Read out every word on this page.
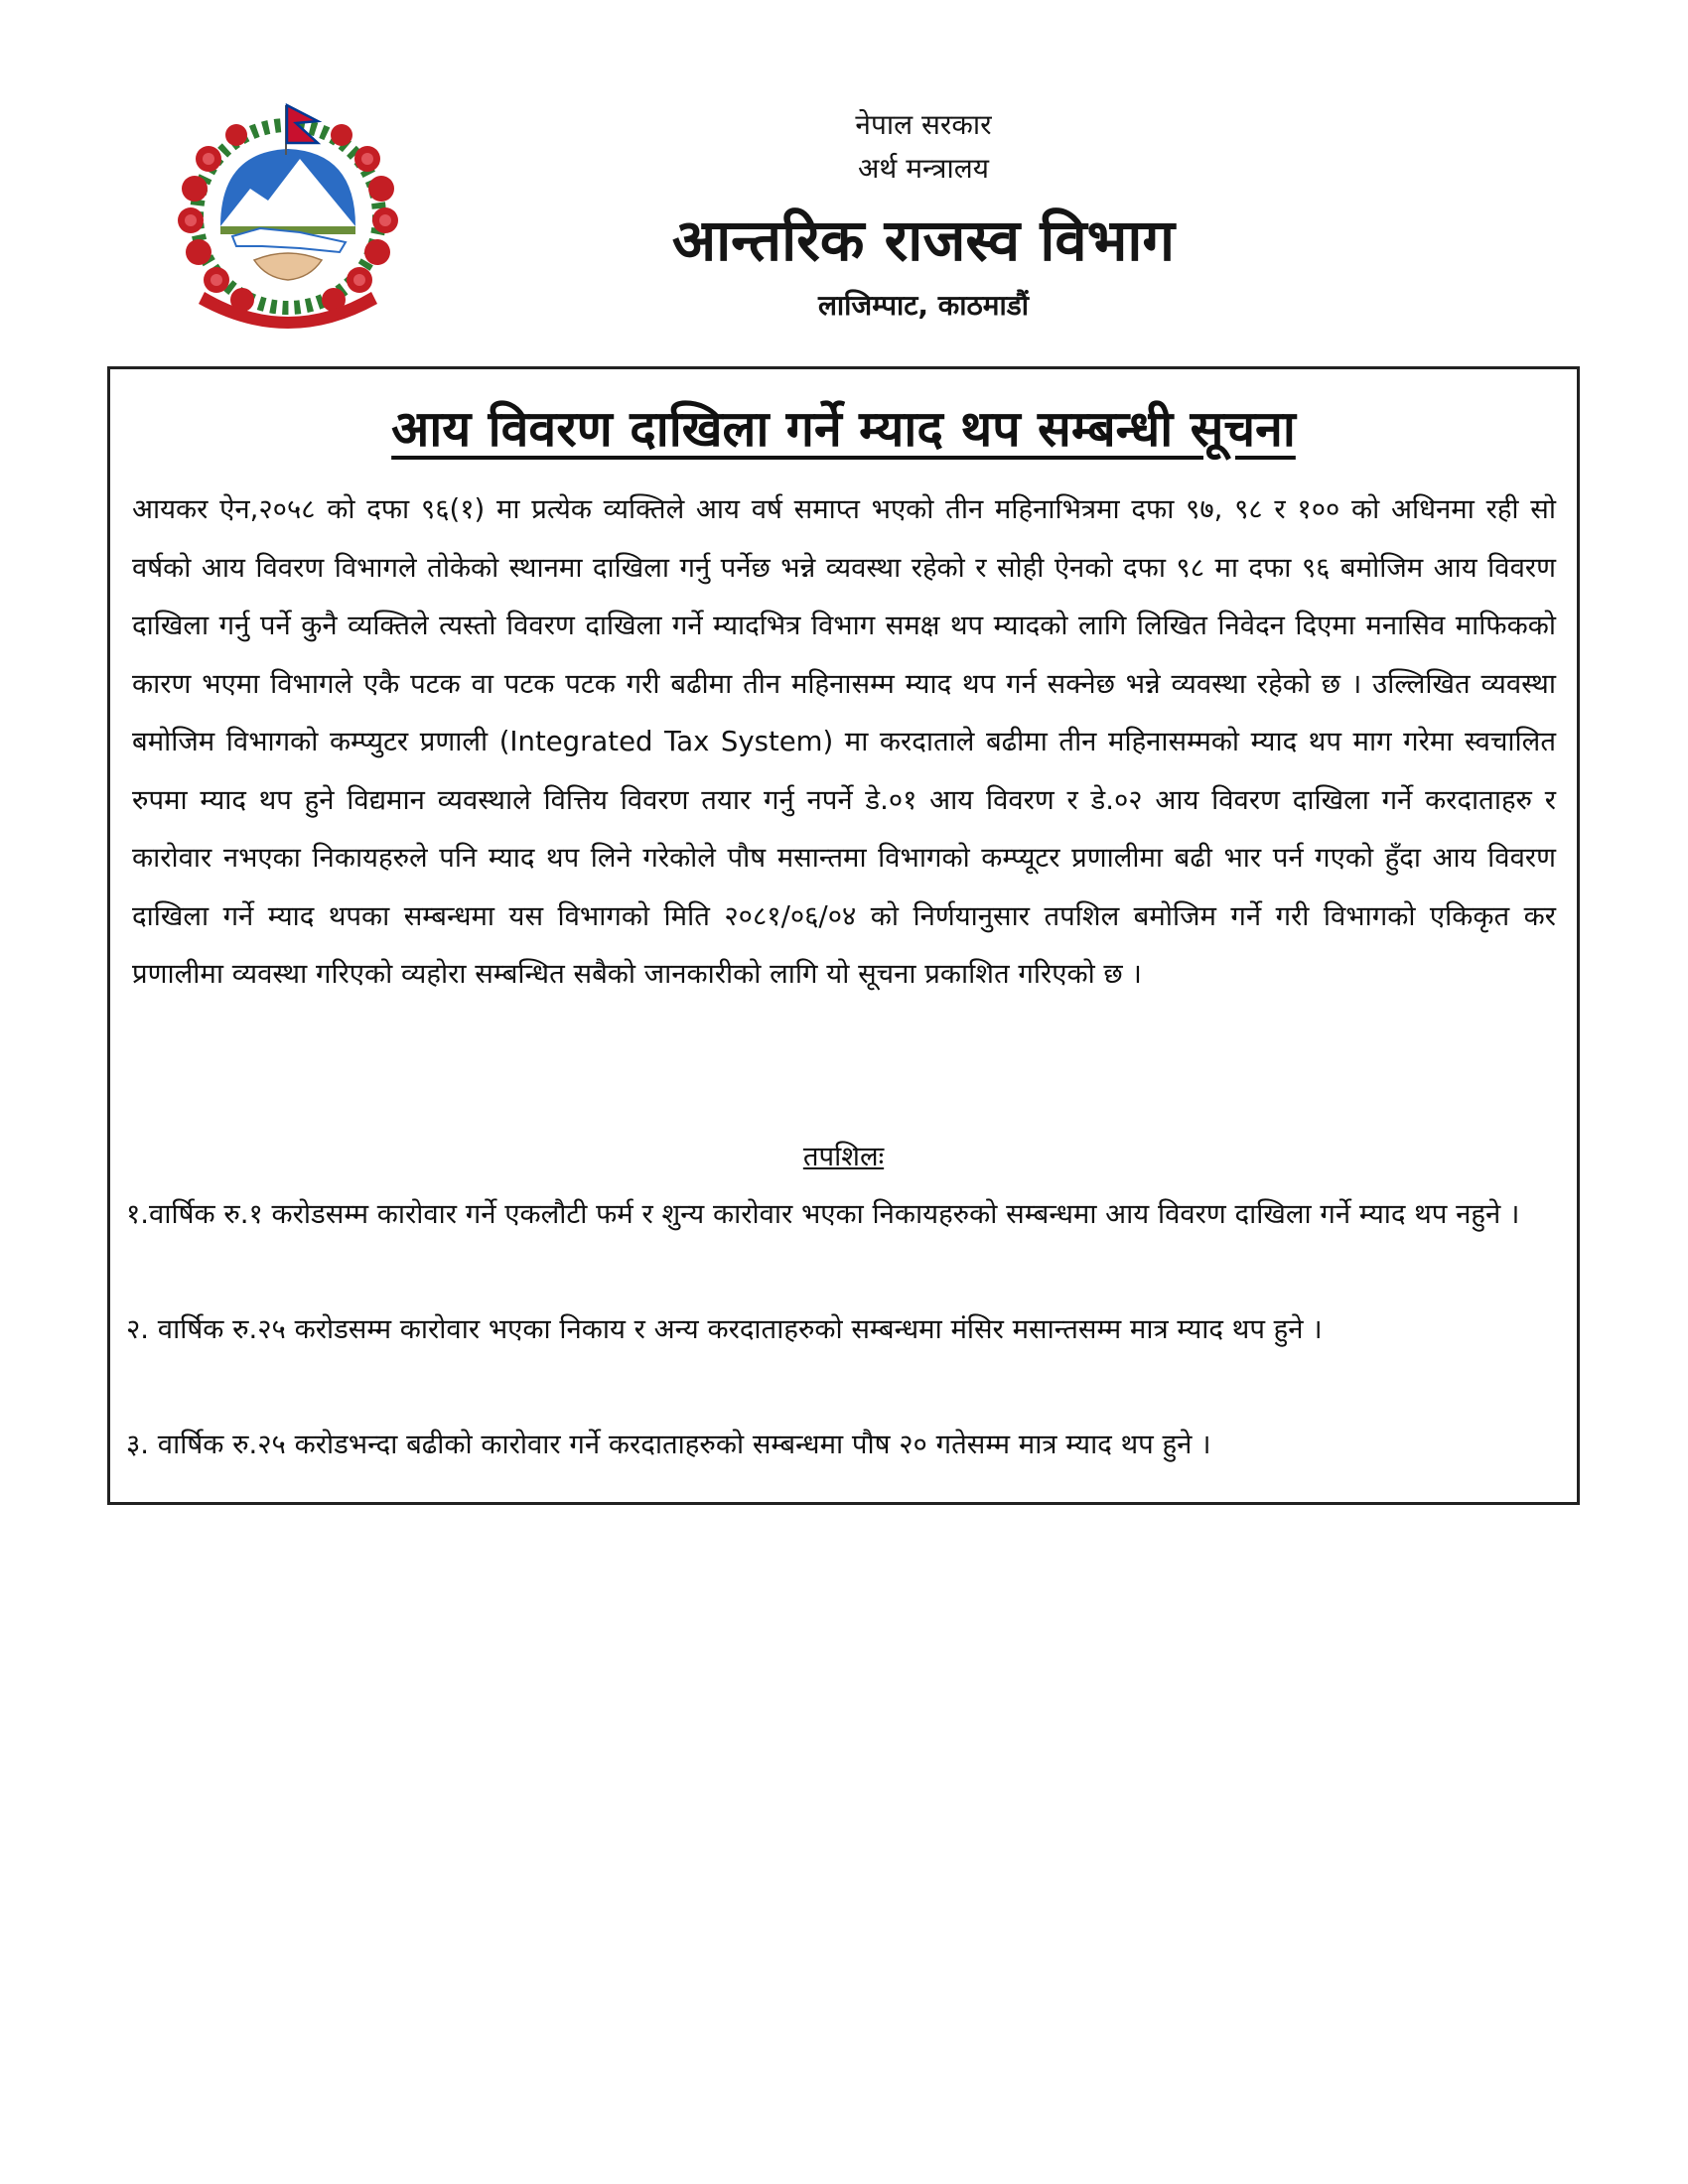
नेपाल सरकार
अर्थ मन्त्रालय
आन्तरिक राजस्व विभाग
लाजिम्पाट, काठमाडौं
आय विवरण दाखिला गर्ने म्याद थप सम्बन्धी सूचना

आयकर ऐन,२०५८ को दफा ९६(१) मा प्रत्येक व्यक्तिले आय वर्ष समाप्त भएको तीन महिनाभित्रमा दफा ९७, ९८ र १०० को अधिनमा रही सो वर्षको आय विवरण विभागले तोकेको स्थानमा दाखिला गर्नु पर्नेछ भन्ने व्यवस्था रहेको र सोही ऐनको दफा ९८ मा दफा ९६ बमोजिम आय विवरण दाखिला गर्नु पर्ने कुनै व्यक्तिले त्यस्तो विवरण दाखिला गर्ने म्यादभित्र विभाग समक्ष थप म्यादको लागि लिखित निवेदन दिएमा मनासिव माफिकको कारण भएमा विभागले एकै पटक वा पटक पटक गरी बढीमा तीन महिनासम्म म्याद थप गर्न सक्नेछ भन्ने व्यवस्था रहेको छ । उल्लिखित व्यवस्था बमोजिम विभागको कम्प्युटर प्रणाली (Integrated Tax System) मा करदाताले बढीमा तीन महिनासम्मको म्याद थप माग गरेमा स्वचालित रुपमा म्याद थप हुने विद्यमान व्यवस्थाले वित्तिय विवरण तयार गर्नु नपर्ने डे.०१ आय विवरण र डे.०२ आय विवरण दाखिला गर्ने करदाताहरु र कारोवार नभएका निकायहरुले पनि म्याद थप लिने गरेकोले पौष मसान्तमा विभागको कम्प्यूटर प्रणालीमा बढी भार पर्न गएको हुँदा आय विवरण दाखिला गर्ने म्याद थपका सम्बन्धमा यस विभागको मिति २०८१/०६/०४ को निर्णयानुसार तपशिल बमोजिम गर्ने गरी विभागको एकिकृत कर प्रणालीमा व्यवस्था गरिएको व्यहोरा सम्बन्धित सबैको जानकारीको लागि यो सूचना प्रकाशित गरिएको छ ।

तपशिलः

१.वार्षिक रु.१ करोडसम्म कारोवार गर्ने एकलौटी फर्म र शुन्य कारोवार भएका निकायहरुको सम्बन्धमा आय विवरण दाखिला गर्ने म्याद थप नहुने ।

२. वार्षिक रु.२५ करोडसम्म कारोवार भएका निकाय र अन्य करदाताहरुको सम्बन्धमा मंसिर मसान्तसम्म मात्र म्याद थप हुने ।

३. वार्षिक रु.२५ करोडभन्दा बढीको कारोवार गर्ने करदाताहरुको सम्बन्धमा पौष २० गतेसम्म मात्र म्याद थप हुने ।
